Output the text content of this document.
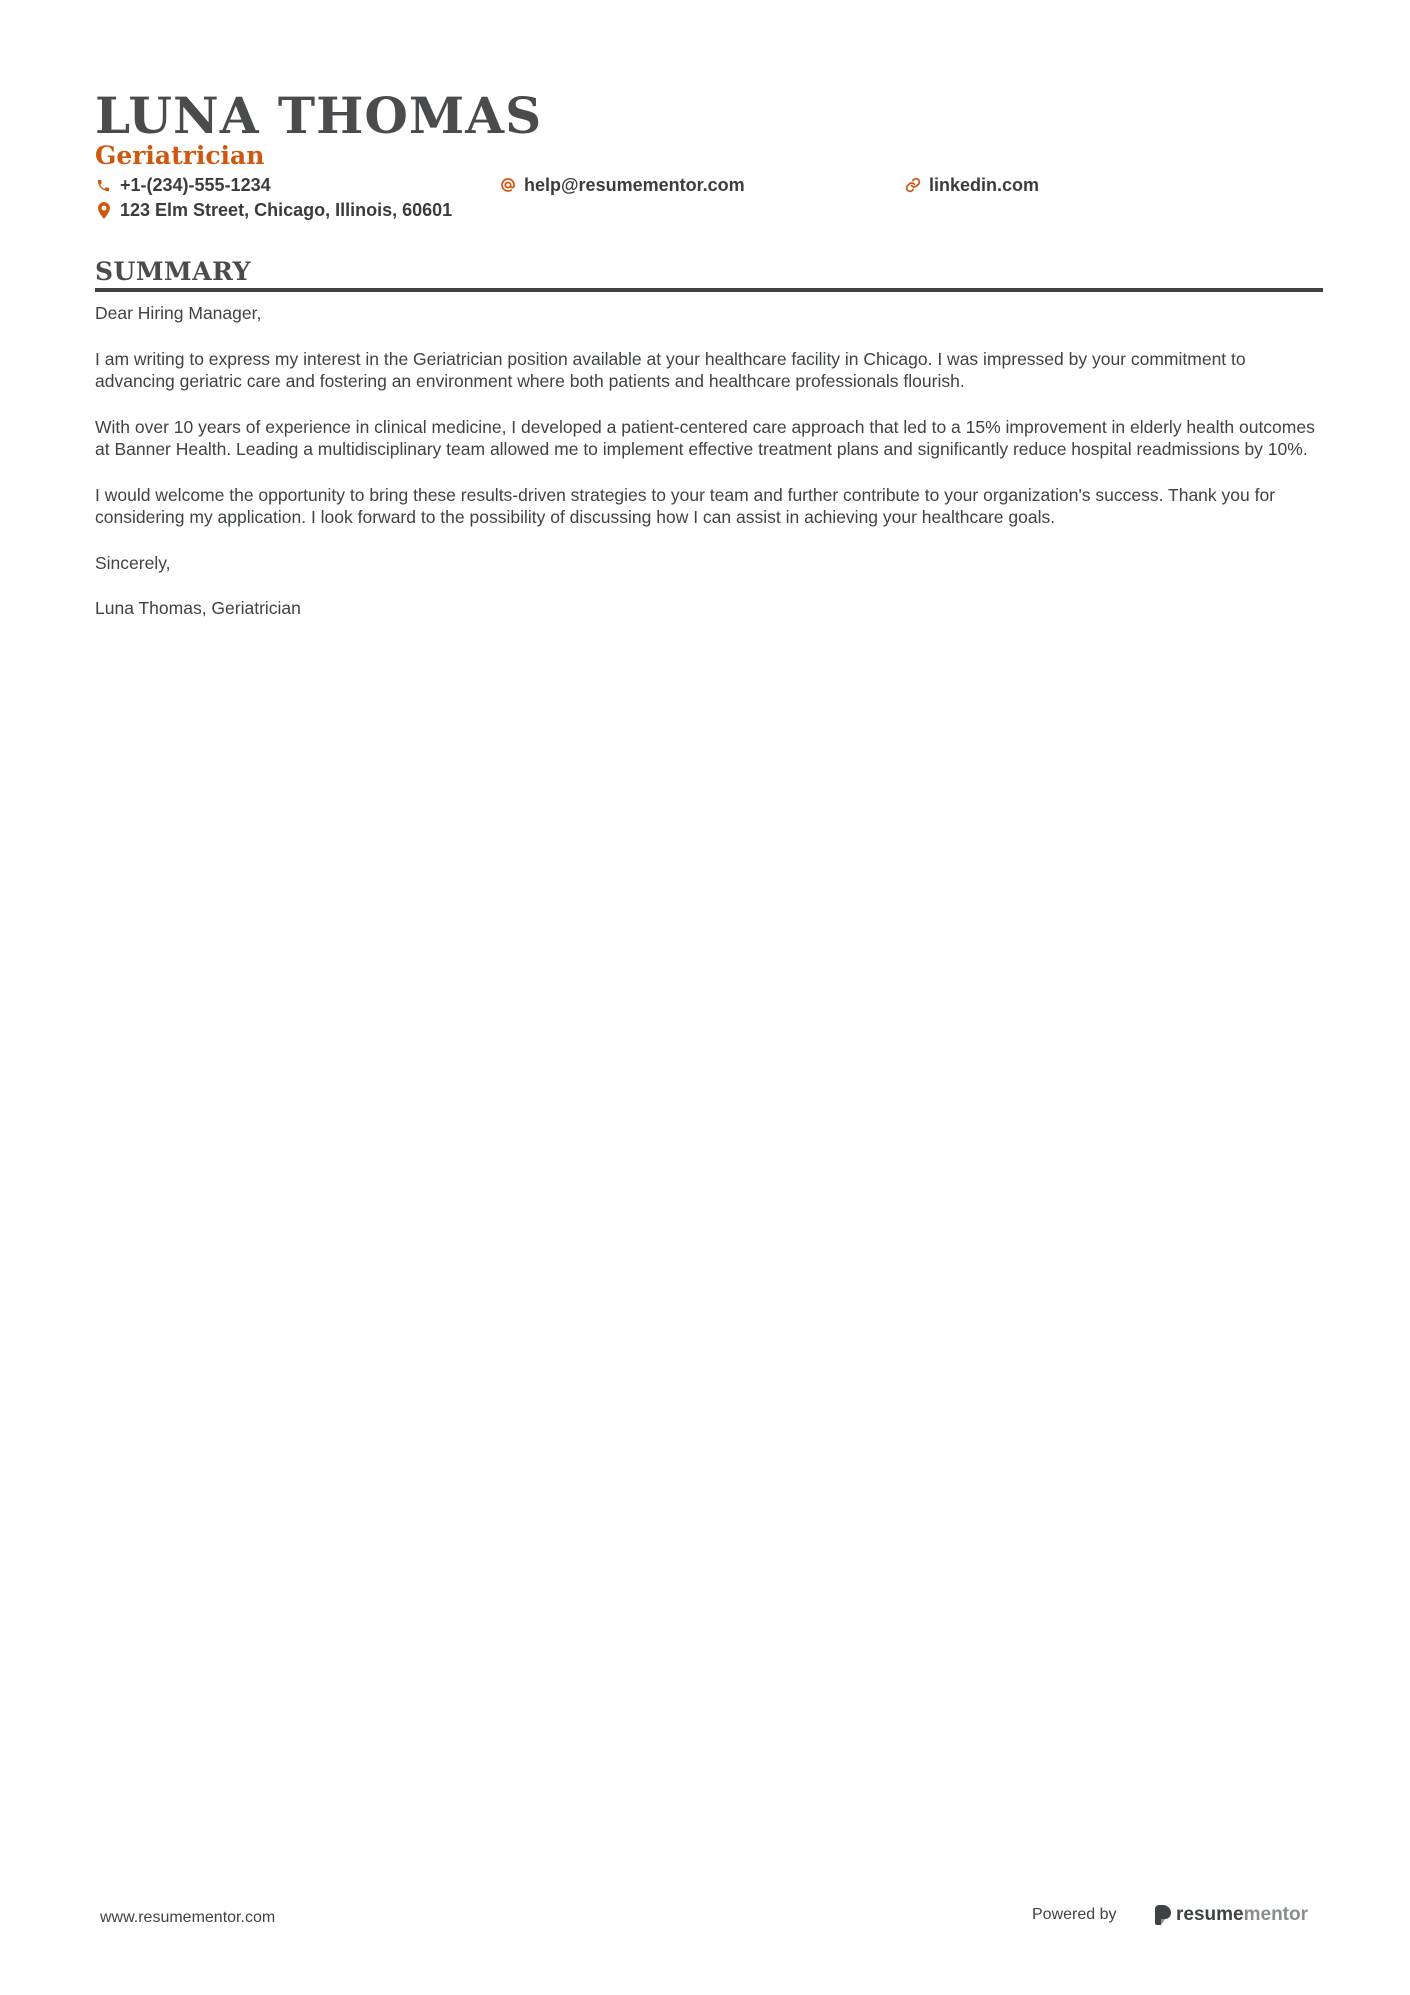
LUNA THOMAS
Geriatrician
+1-(234)-555-1234	help@resumementor.com	linkedin.com
123 Elm Street, Chicago, Illinois, 60601
SUMMARY

Dear Hiring Manager,

I am writing to express my interest in the Geriatrician position available at your healthcare facility in Chicago. I was impressed by your commitment to advancing geriatric care and fostering an environment where both patients and healthcare professionals flourish.

With over 10 years of experience in clinical medicine, I developed a patient-centered care approach that led to a 15% improvement in elderly health outcomes at Banner Health. Leading a multidisciplinary team allowed me to implement effective treatment plans and significantly reduce hospital readmissions by 10%.

I would welcome the opportunity to bring these results-driven strategies to your team and further contribute to your organization's success. Thank you for considering my application. I look forward to the possibility of discussing how I can assist in achieving your healthcare goals.

Sincerely,

Luna Thomas, Geriatrician

www.resumementor.com	Powered by	resume mentor
